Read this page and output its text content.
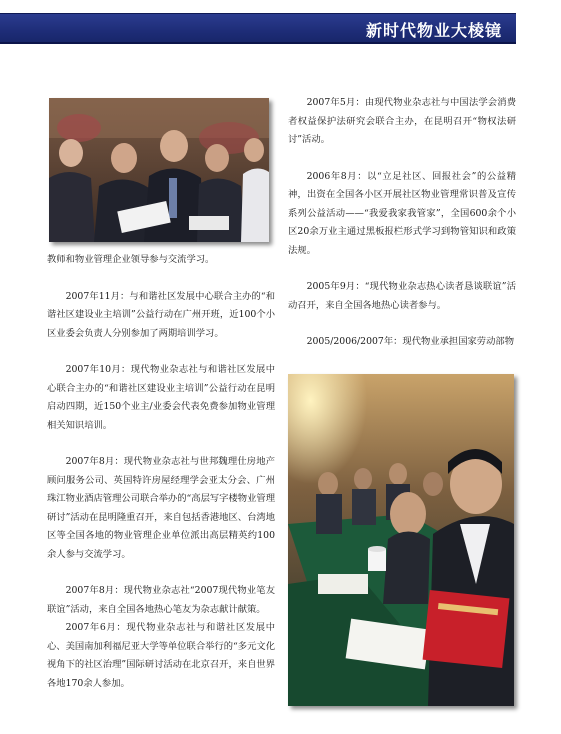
新时代物业大棱镜

教师和物业管理企业领导参与交流学习。

2007年11月：与和谐社区发展中心联合主办的“和谐社区建设业主培训”公益行动在广州开班，近100个小区业委会负责人分别参加了两期培训学习。

2007年10月：现代物业杂志社与和谐社区发展中心联合主办的“和谐社区建设业主培训”公益行动在昆明启动四期，近150个业主/业委会代表免费参加物业管理相关知识培训。

2007年8月：现代物业杂志社与世邦魏理仕房地产顾问服务公司、英国特许房屋经理学会亚太分会、广州珠江物业酒店管理公司联合举办的“高层写字楼物业管理研讨”活动在昆明隆重召开，来自包括香港地区、台湾地区等全国各地的物业管理企业单位派出高层精英约100余人参与交流学习。

2007年8月：现代物业杂志社“2007现代物业笔友联谊”活动，来自全国各地热心笔友为杂志献计献策。

2007年6月：现代物业杂志社与和谐社区发展中心、美国南加利福尼亚大学等单位联合举行的“多元文化视角下的社区治理”国际研讨活动在北京召开，来自世界各地170余人参加。

2007年5月：由现代物业杂志社与中国法学会消费者权益保护法研究会联合主办，在昆明召开“物权法研讨”活动。

2006年8月：以“立足社区、回报社会”的公益精神，出资在全国各小区开展社区物业管理常识普及宣传系列公益活动——“我爱我家我管家”，全国600余个小区20余万业主通过黑板报栏形式学习到物管知识和政策法规。

2005年9月：“现代物业杂志热心读者恳谈联谊”活动召开，来自全国各地热心读者参与。

2005/2006/2007年：现代物业承担国家劳动部物
